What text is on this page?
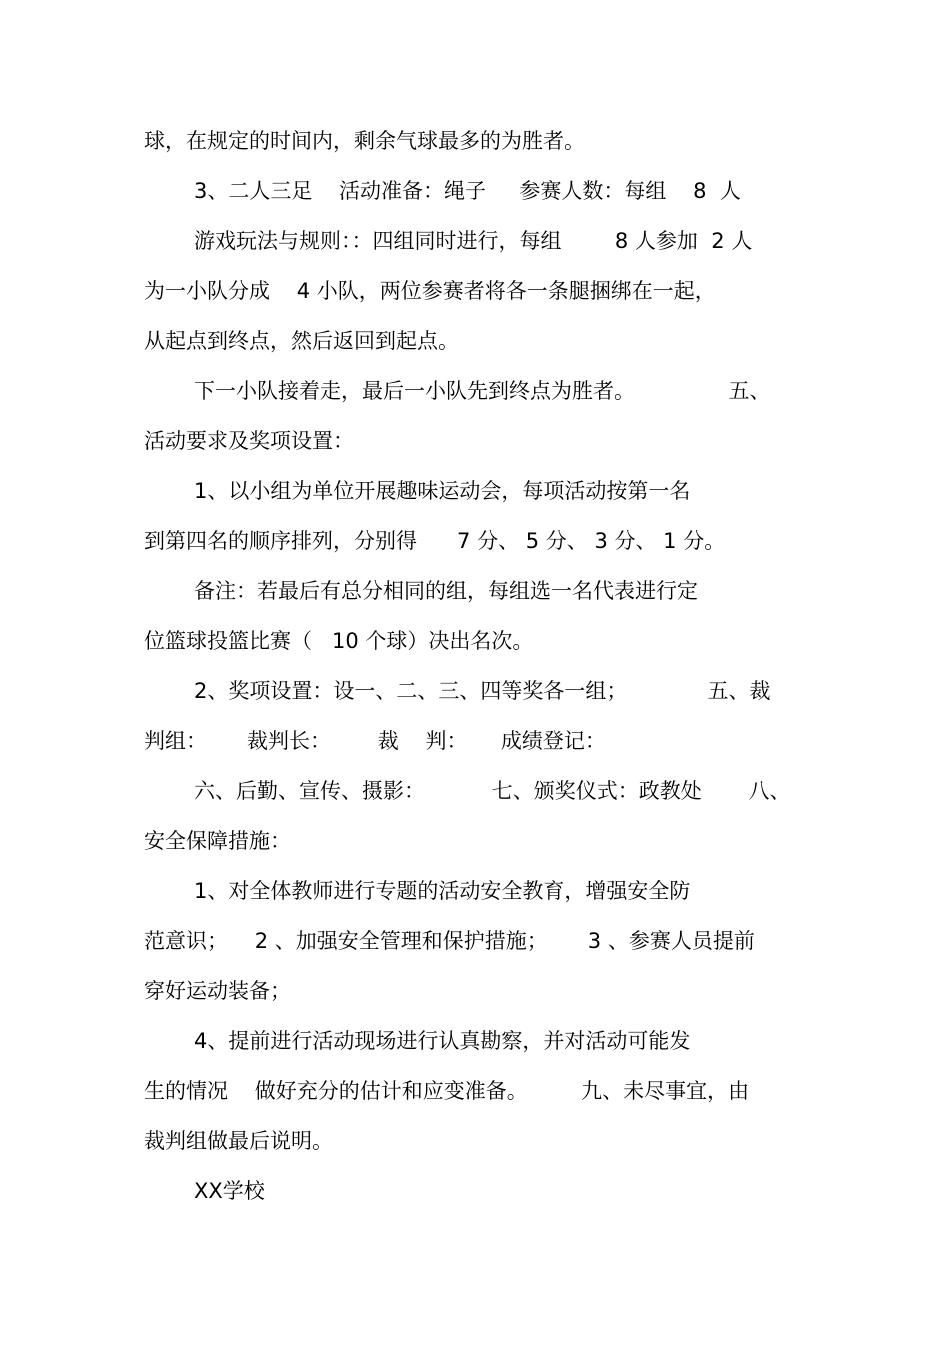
球，在规定的时间内，剩余气球最多的为胜者。
3、二人三足    活动准备：绳子     参赛人数：每组    8  人
游戏玩法与规则：：四组同时进行，每组        8 人参加  2 人
为一小队分成    4 小队，两位参赛者将各一条腿捆绑在一起，
从起点到终点，然后返回到起点。
下一小队接着走，最后一小队先到终点为胜者。              五、
活动要求及奖项设置：
1、以小组为单位开展趣味运动会，每项活动按第一名
到第四名的顺序排列，分别得      7 分、 5 分、 3 分、 1 分。
备注：若最后有总分相同的组，每组选一名代表进行定
位篮球投篮比赛（   10 个球）决出名次。
2、奖项设置：设一、二、三、四等奖各一组；            五、裁
判组：      裁判长：       裁    判：     成绩登记：
六、后勤、宣传、摄影：          七、颁奖仪式：政教处       八、
安全保障措施：
1、对全体教师进行专题的活动安全教育，增强安全防
范意识；    2 、加强安全管理和保护措施；      3 、参赛人员提前
穿好运动装备；
4、提前进行活动现场进行认真勘察，并对活动可能发
生的情况    做好充分的估计和应变准备。        九、未尽事宜，由
裁判组做最后说明。
XX学校
